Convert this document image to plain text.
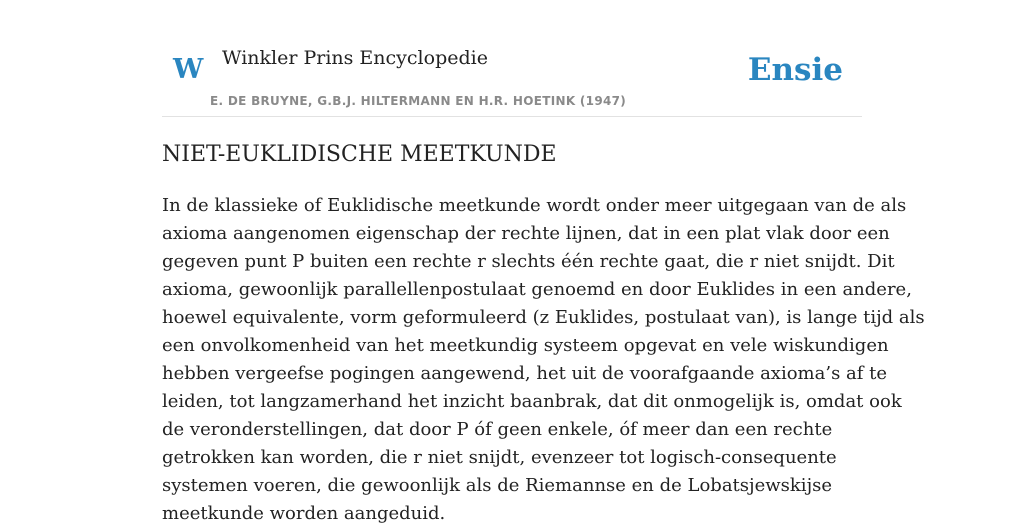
W Winkler Prins Encyclopedie
E. DE BRUYNE, G.B.J. HILTERMANN EN H.R. HOETINK (1947)
Ensie
NIET-EUKLIDISCHE MEETKUNDE
In de klassieke of Euklidische meetkunde wordt onder meer uitgegaan van de als
axioma aangenomen eigenschap der rechte lijnen, dat in een plat vlak door een
gegeven punt P buiten een rechte r slechts één rechte gaat, die r niet snijdt. Dit
axioma, gewoonlijk parallellenpostulaat genoemd en door Euklides in een andere,
hoewel equivalente, vorm geformuleerd (z Euklides, postulaat van), is lange tijd als
een onvolkomenheid van het meetkundig systeem opgevat en vele wiskundigen
hebben vergeefse pogingen aangewend, het uit de voorafgaande axioma’s af te
leiden, tot langzamerhand het inzicht baanbrak, dat dit onmogelijk is, omdat ook
de veronderstellingen, dat door P óf geen enkele, óf meer dan een rechte
getrokken kan worden, die r niet snijdt, evenzeer tot logisch-consequente
systemen voeren, die gewoonlijk als de Riemannse en de Lobatsjewskijse
meetkunde worden aangeduid.
